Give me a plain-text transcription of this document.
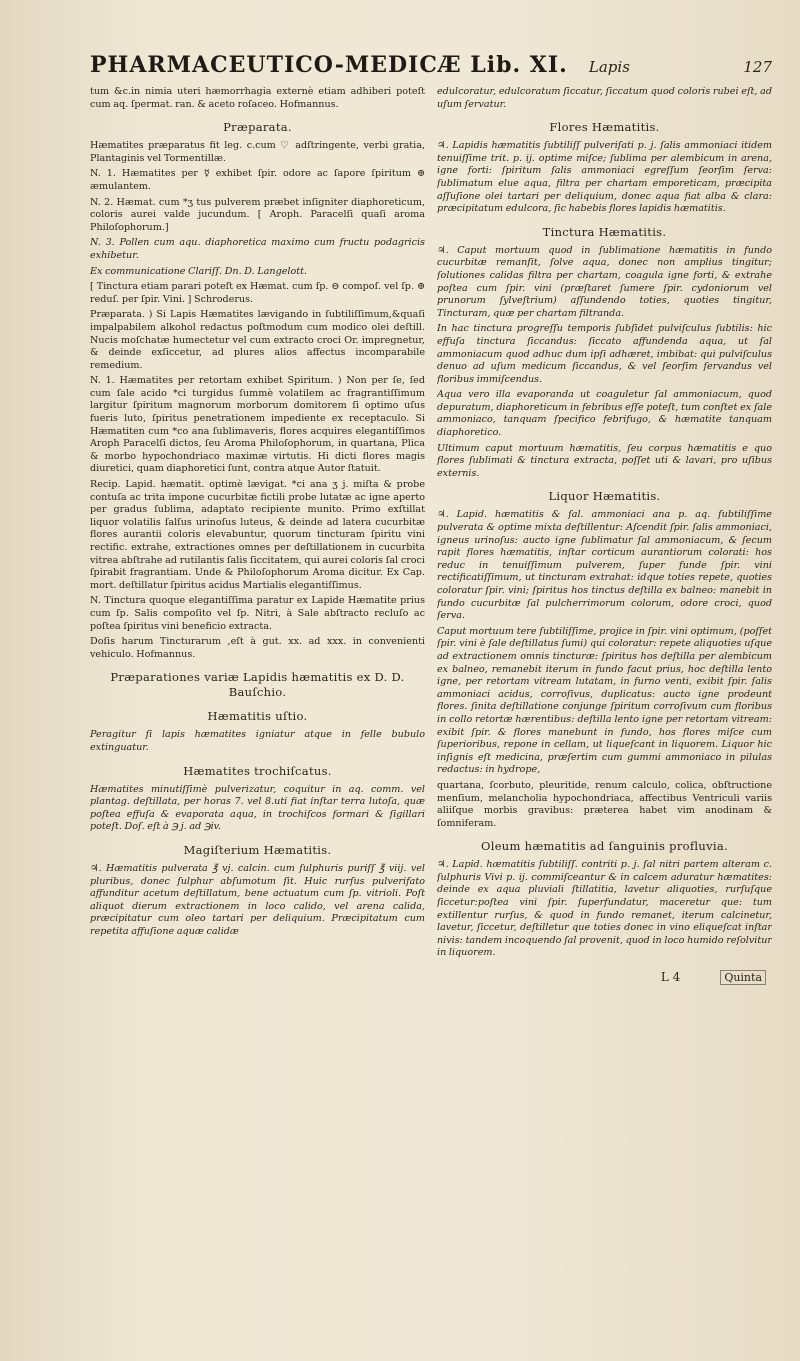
PHARMACEUTICO-MEDICÆ Lib. XI. Lapis	127

tum &c.in nimia uteri hæmorrhagia externè etiam adhiberi poteſt cum aq. ſpermat. ran. & aceto roſaceo. Hofmannus.

Præparata.

Hæmatites præparatus fit leg. c.cum ♡ adſtringente, verbi gratia, Plantaginis vel Tormentillæ.

N. 1. Hæmatites per ☿ exhibet ſpir. odore ac ſapore ſpiritum ⊕ æmulantem.

N. 2. Hæmat. cum *ʒ tus pulverem præbet inſigniter diaphoreticum, coloris aurei valde jucundum. [ Aroph. Paracelſi quaſi aroma Philoſophorum.]

N. 3. Pollen cum aqu. diaphoretica maximo cum fructu podagricis exhibetur.

Ex communicatione Clariſſ. Dn. D. Langelott.

[ Tinctura etiam parari poteſt ex Hæmat. cum ſp. ⊖ compoſ. vel ſp. ⊕ reduſ. per ſpir. Vini. ] Schroderus.

Præparata. ) Si Lapis Hæmatites lævigando in ſubtiliſſimum,&quaſi impalpabilem alkohol redactus poſtmodum cum modico olei deſtill. Nucis moſchatæ humectetur vel cum extracto croci Or. impregnetur, & deinde exſiccetur, ad plures alios affectus incomparabile remedium.

N. 1. Hæmatites per retortam exhibet Spiritum. ) Non per ſe, ſed cum ſale acido *ci turgidus ſummè volatilem ac fragrantiſſimum largitur ſpiritum magnorum morborum domitorem ſi optimo uſus fueris luto, ſpiritus penetrationem impediente ex receptaculo. Si Hæmatiten cum *co ana ſublimaveris, flores acquires elegantiſſimos Aroph Paracelſi dictos, ſeu Aroma Philoſophorum, in quartana, Plica & morbo hypochondriaco maximæ virtutis. Hi dicti flores magis diuretici, quam diaphoretici ſunt, contra atque Autor ſtatuit.

Recip. Lapid. hæmatit. optimè lævigat. *ci ana ʒ j. miſta & probe contuſa ac trita impone cucurbitæ fictili probe lutatæ ac igne aperto per gradus ſublima, adaptato recipiente munito. Primo exſtillat liquor volatilis ſalſus urinoſus luteus, & deinde ad latera cucurbitæ flores aurantii coloris elevabuntur, quorum tincturam ſpiritu vini rectific. extrahe, extractiones omnes per deſtillationem in cucurbita vitrea abſtrahe ad rutilantis ſalis ſiccitatem, qui aurei coloris ſal croci ſpirabit fragrantiam. Unde & Philoſophorum Aroma dicitur. Ex Cap. mort. deſtillatur ſpiritus acidus Martialis elegantiſſimus.

N. Tinctura quoque elegantiſſima paratur ex Lapide Hæmatite prius cum ſp. Salis compoſito vel ſp. Nitri, à Sale abſtracto recluſo ac poſtea ſpiritus vini beneficio extracta.

Doſis harum Tincturarum ,eſt à gut. xx. ad xxx. in convenienti vehiculo. Hofmannus.

Præparationes variæ Lapidis hæmatitis ex D. D. Bauſchio.
Hæmatitis uſtio.

Peragitur ſi lapis hæmatites igniatur atque in felle bubulo extinguatur.

Hæmatites trochiſcatus.

Hæmatites minutiſſimè pulverizatur, coquitur in aq. comm. vel plantag. deſtillata, per horas 7. vel 8.uti fiat inſtar terra lutoſa, quæ poſtea effuſa & evaporata aqua, in trochiſcos formari & ſigillari poteſt. Doſ. eſt à ℈ j. ad ℈iv.

Magiſterium Hæmatitis.

♃. Hæmatitis pulverata ℥ vj. calcin. cum ſulphuris puriſſ ℥ viij. vel pluribus, donec ſulphur abſumotum ſit. Huic rurſus pulverifato affunditur acetum deſtillatum, bene actuatum cum ſp. vitrioli. Poſt aliquot dierum extractionem in loco calido, vel arena calida, præcipitatur cum oleo tartari per deliquium. Præcipitatum cum repetita affuſione aquæ calidæ

edulcoratur, edulcoratum ſiccatur, ſiccatum quod coloris rubei eſt, ad uſum ſervatur.

Flores Hæmatitis.

♃. Lapidis hæmatitis ſubtiliſſ pulveriſati p. j. ſalis ammoniaci itidem tenuiſſime trit. p. ij. optime miſce; ſublima per alembicum in arena, igne forti: ſpiritum ſalis ammoniaci egreſſum ſeorſim ſerva: ſublimatum elue aqua, filtra per chartam emporeticam, præcipita aſſuſione olei tartari per deliquium, donec aqua fiat alba & clara: præcipitatum edulcora, ſic habebis flores lapidis hæmatitis.

Tinctura Hæmatitis.

♃. Caput mortuum quod in ſublimatione hæmatitis in fundo cucurbitæ remanſit, ſolve aqua, donec non amplius tingitur; ſolutiones calidas filtra per chartam, coagula igne forti, & extrahe poſtea cum ſpir. vini (præſtaret ſumere ſpir. cydoniorum vel prunorum ſylveſtrium) aſſundendo toties, quoties tingitur, Tincturam, quæ per chartam filtranda.

In hac tinctura progreſſu temporis ſubſidet pulviſculus ſubtilis: hic effuſa tinctura ſiccandus: ſiccato affundenda aqua, ut ſal ammoniacum quod adhuc dum ipſi adhæret, imbibat: qui pulviſculus denuo ad uſum medicum ſiccandus, & vel ſeorſim ſervandus vel floribus immiſcendus.

Aqua vero illa evaporanda ut coaguletur ſal ammoniacum, quod depuratum, diaphoreticum in febribus eſſe poteſt, tum conſtet ex ſale ammoniaco, tanquam ſpecifico febrifugo, & hæmatite tanquam diaphoretico.

Ultimum caput mortuum hæmatitis, ſeu corpus hæmatitis e quo flores ſublimati & tinctura extracta, poſſet uti & lavari, pro uſibus externis.

Liquor Hæmatitis.

♃. Lapid. hæmatitis & ſal. ammoniaci ana p. aq. ſubtiliſſime pulverata & optime mixta deſtillentur: Aſcendit ſpir. ſalis ammoniaci, igneus urinoſus: aucto igne ſublimatur ſal ammoniacum, & ſecum rapit flores hæmatitis, inſtar corticum aurantiorum colorati: hos reduc in tenuiſſimum pulverem, ſuper funde ſpir. vini rectificatiſſimum, ut tincturam extrahat: idque toties repete, quoties coloratur ſpir. vini; ſpiritus hos tinctus deſtilla ex balneo: manebit in fundo cucurbitæ ſal pulcherrimorum colorum, odore croci, quod ſerva.

Caput mortuum tere ſubtiliſſime, projice in ſpir. vini optimum, (poſſet ſpir. vini è ſale deſtillatus ſumi) qui coloratur: repete aliquoties uſque ad extractionem omnis tincturæ: ſpiritus hos deſtilla per alembicum ex balneo, remanebit iterum in fundo facut prius, hoc deſtilla lento igne, per retortam vitream lutatam, in furno venti, exibit ſpir. ſalis ammoniaci acidus, corroſivus, duplicatus: aucto igne prodeunt flores. ſinita deſtillatione conjunge ſpiritum corroſivum cum floribus in collo retortæ hærentibus: deſtilla lento igne per retortam vitream: exibit ſpir. & flores manebunt in fundo, hos flores miſce cum ſuperioribus, repone in cellam, ut liqueſcant in liquorem. Liquor hic inſignis eſt medicina, præſertim cum gummi ammoniaco in pilulas redactus: in hydrope,

quartana, ſcorbuto, pleuritide, renum calculo, colica, obſtructione menſium, melancholia hypochondriaca, affectibus Ventriculi variis aliiſque morbis gravibus: præterea habet vim anodinam & ſomniferam.

Oleum hæmatitis ad ſanguinis profluvia.

♃. Lapid. hæmatitis ſubtiliſſ. contriti p. j. ſal nitri partem alteram c. ſulphuris Vivi p. ij. commiſceantur & in calcem aduratur hæmatites: deinde ex aqua pluviali ſtillatitia, lavetur aliquoties, rurſuſque ſiccetur:poſtea vini ſpir. ſuperfundatur, maceretur que: tum extillentur rurſus, & quod in fundo remanet, iterum calcinetur, lavetur, ſiccetur, deſtilletur que toties donec in vino eliqueſcat inſtar nivis: tandem incoquendo ſal provenit, quod in loco humido reſolvitur in liquorem.

L 4	Quinta
